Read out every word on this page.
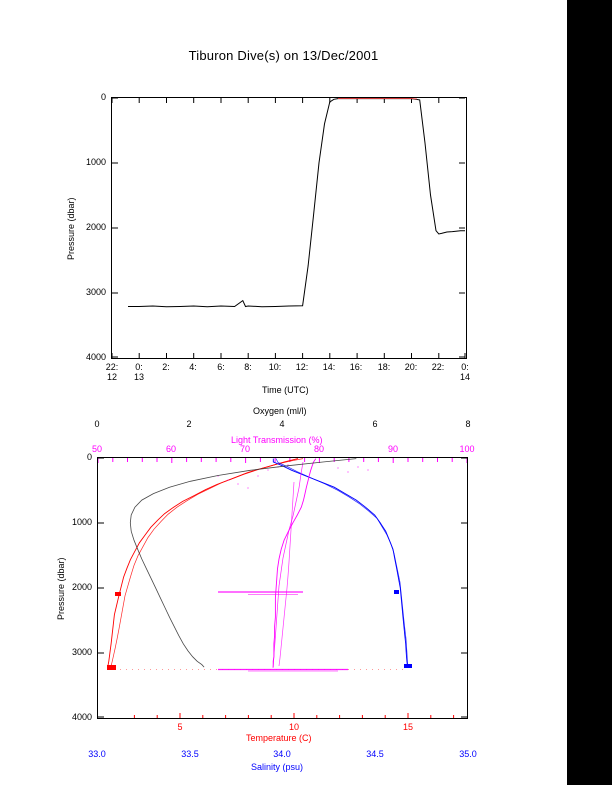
Tiburon Dive(s) on 13/Dec/2001
0
1000
2000
3000
4000
22: 0: 2: 4: 6: 8: 10: 12: 14: 16: 18: 20: 22: 0:
12 13	14
Time (UTC)
Pressure (dbar)
0	2	4	6	8
Oxygen (ml/l)
50	60	70	80	90	100
Light Transmission (%)
0
1000
2000
3000
4000
Pressure (dbar)
5	10	15
Temperature (C)
33.0	33.5	34.0	34.5	35.0
Salinity (psu)
